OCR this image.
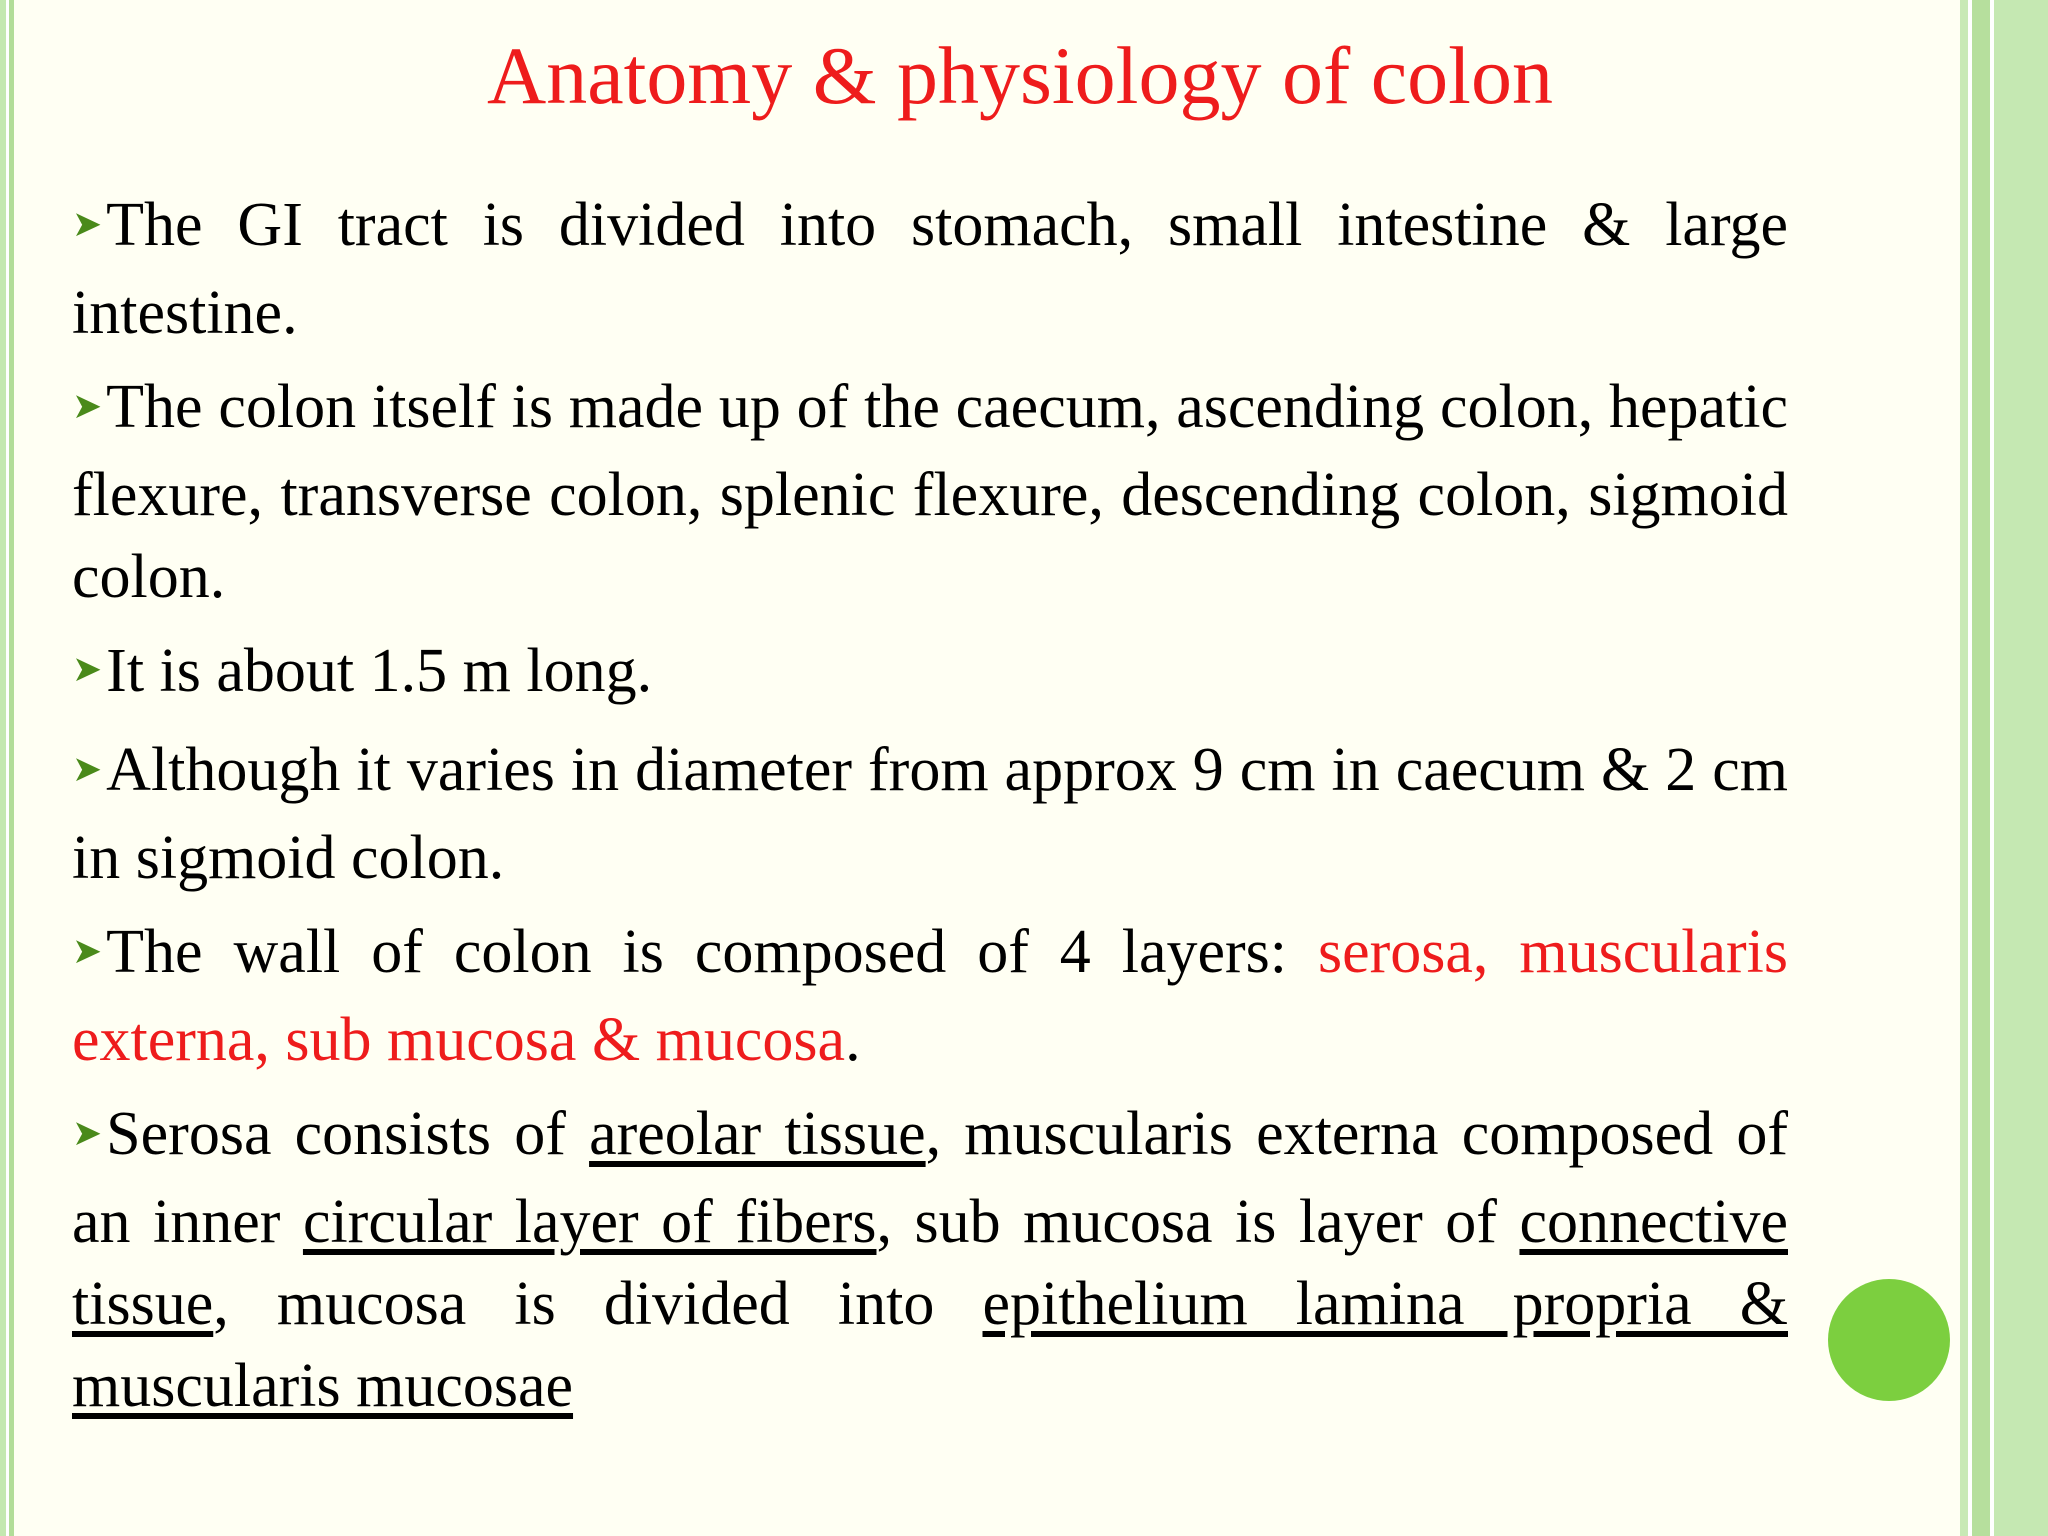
Anatomy & physiology of colon

➤The GI tract is divided into stomach, small intestine & large intestine.

➤The colon itself is made up of the caecum, ascending colon, hepatic flexure, transverse colon, splenic flexure, descending colon, sigmoid colon.

➤It is about 1.5 m long.

➤Although it varies in diameter from approx 9 cm in caecum & 2 cm in sigmoid colon.

➤The wall of colon is composed of 4 layers: serosa, muscularis externa, sub mucosa & mucosa.

➤Serosa consists of areolar tissue, muscularis externa composed of an inner circular layer of fibers, sub mucosa is layer of connective tissue, mucosa is divided into epithelium lamina propria & muscularis mucosae
